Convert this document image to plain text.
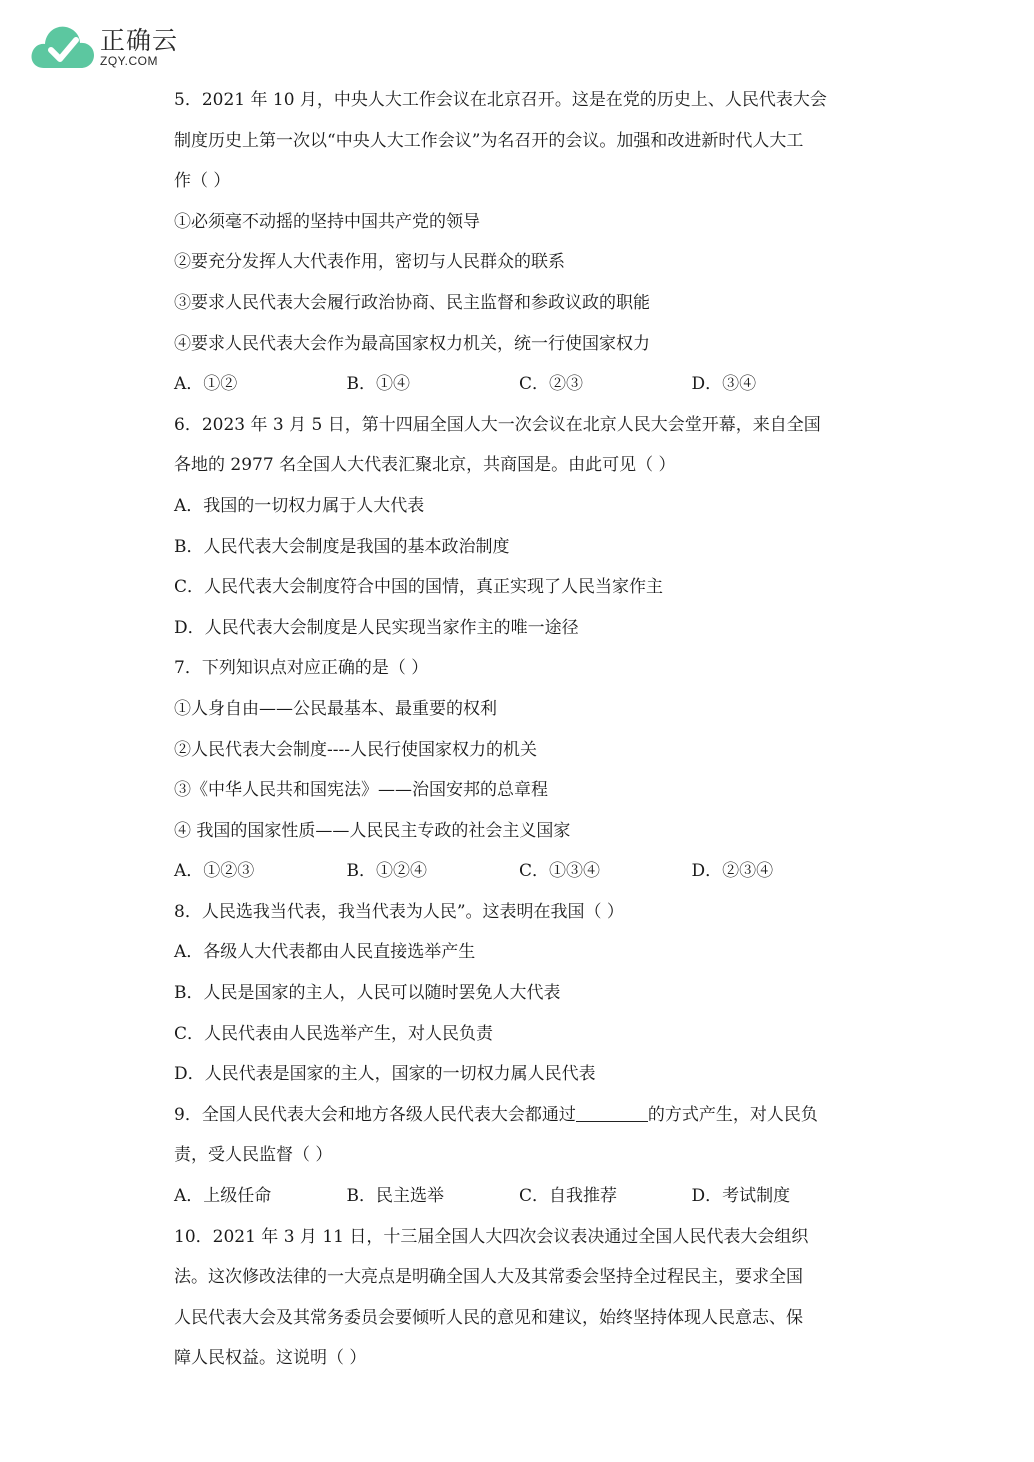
正确云
ZQY.COM
5．2021 年 10 月，中央人大工作会议在北京召开。这是在党的历史上、人民代表大会
制度历史上第一次以“中央人大工作会议”为名召开的会议。加强和改进新时代人大工
作（ ）
①必须毫不动摇的坚持中国共产党的领导
②要充分发挥人大代表作用，密切与人民群众的联系
③要求人民代表大会履行政治协商、民主监督和参政议政的职能
④要求人民代表大会作为最高国家权力机关，统一行使国家权力
A．①②	B．①④	C．②③	D．③④
6．2023 年 3 月 5 日，第十四届全国人大一次会议在北京人民大会堂开幕，来自全国
各地的 2977 名全国人大代表汇聚北京，共商国是。由此可见（ ）
A．我国的一切权力属于人大代表
B．人民代表大会制度是我国的基本政治制度
C．人民代表大会制度符合中国的国情，真正实现了人民当家作主
D．人民代表大会制度是人民实现当家作主的唯一途径
7．下列知识点对应正确的是（ ）
①人身自由——公民最基本、最重要的权利
②人民代表大会制度----人民行使国家权力的机关
③《中华人民共和国宪法》——治国安邦的总章程
④ 我国的国家性质——人民民主专政的社会主义国家
A．①②③	B．①②④	C．①③④	D．②③④
8．人民选我当代表，我当代表为人民”。这表明在我国（ ）
A．各级人大代表都由人民直接选举产生
B．人民是国家的主人，人民可以随时罢免人大代表
C．人民代表由人民选举产生，对人民负责
D．人民代表是国家的主人，国家的一切权力属人民代表
9．全国人民代表大会和地方各级人民代表大会都通过	的方式产生，对人民负
责，受人民监督（ ）
A．上级任命	B．民主选举	C．自我推荐	D．考试制度
10．2021 年 3 月 11 日，十三届全国人大四次会议表决通过全国人民代表大会组织
法。这次修改法律的一大亮点是明确全国人大及其常委会坚持全过程民主，要求全国
人民代表大会及其常务委员会要倾听人民的意见和建议，始终坚持体现人民意志、保
障人民权益。这说明（ ）
